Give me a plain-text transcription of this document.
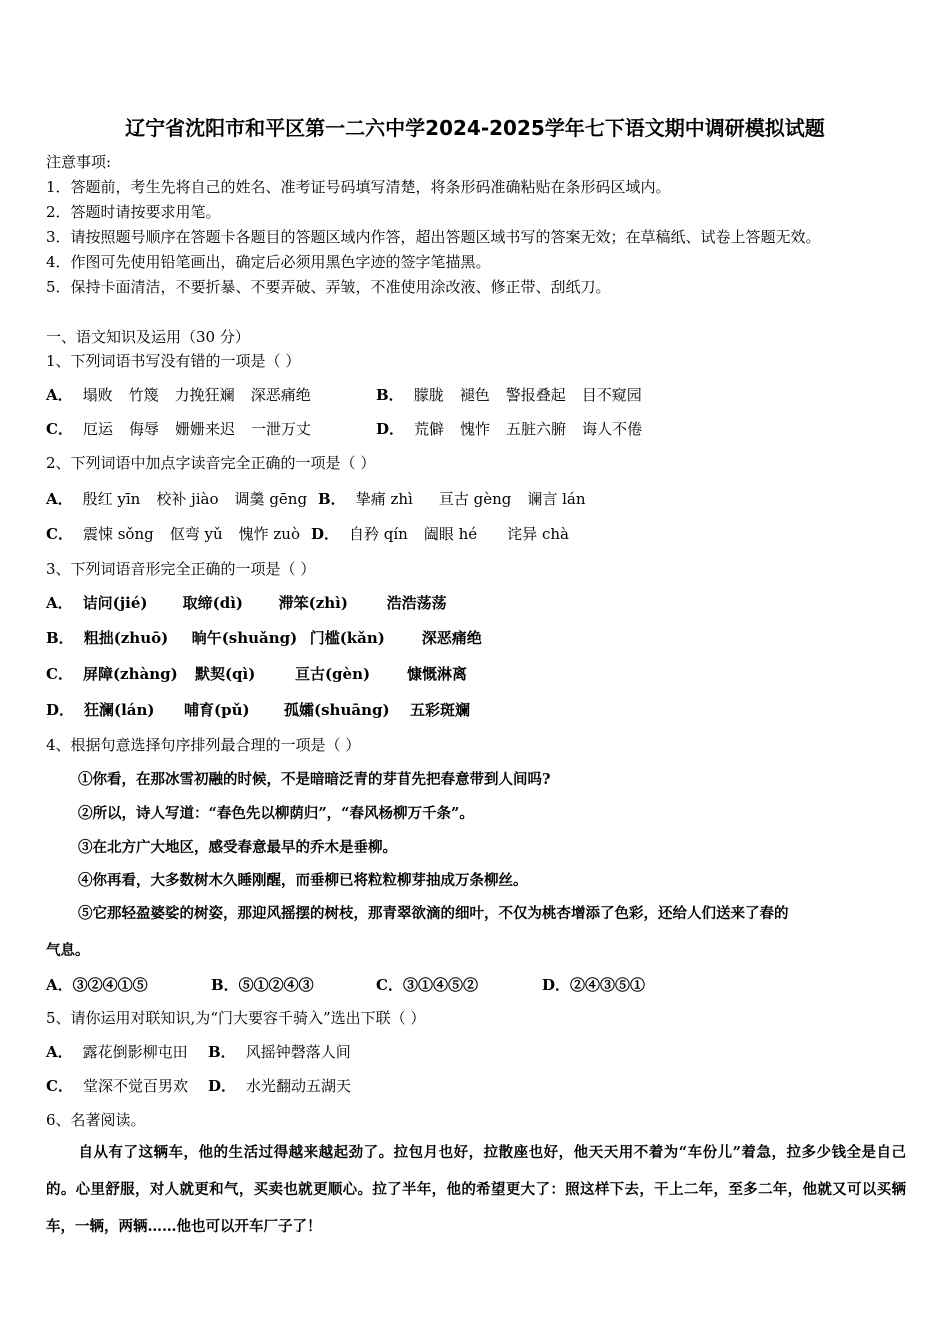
辽宁省沈阳市和平区第一二六中学2024-2025学年七下语文期中调研模拟试题
注意事项:
1．答题前，考生先将自己的姓名、准考证号码填写清楚，将条形码准确粘贴在条形码区域内。
2．答题时请按要求用笔。
3．请按照题号顺序在答题卡各题目的答题区域内作答，超出答题区域书写的答案无效；在草稿纸、试卷上答题无效。
4．作图可先使用铅笔画出，确定后必须用黑色字迹的签字笔描黑。
5．保持卡面清洁，不要折暴、不要弄破、弄皱，不准使用涂改液、修正带、刮纸刀。
一、语文知识及运用（30 分）
1、下列词语书写没有错的一项是（ ）
A． 塌败 竹篾 力挽狂斓 深恶痛绝	B． 朦胧 褪色 警报叠起 目不窥园
C． 厄运 侮辱 姗姗来迟 一泄万丈	D． 荒僻 愧怍 五脏六腑 诲人不倦
2、下列词语中加点字读音完全正确的一项是（ ）
A． 殷红 yīn 校补 jiào 调羹 gēng B． 挚痛 zhì 亘古 gèng 谰言 lán
C． 震悚 sǒng 伛弯 yǔ 愧怍 zuò D． 自矜 qín 阖眼 hé 诧异 chà
3、下列词语音形完全正确的一项是（ ）
A． 诘问(jié) 取缔(dì) 滞笨(zhì)	浩浩荡荡
B． 粗拙(zhuō) 晌午(shuǎng) 门槛(kǎn) 深恶痛绝
C． 屏障(zhàng) 默契(qì)	亘古(gèn) 慷慨淋离
D． 狂澜(lán) 哺育(pǔ) 孤孀(shuāng) 五彩斑斓
4、根据句意选择句序排列最合理的一项是（ ）
①你看，在那冰雪初融的时候，不是暗暗泛青的芽苜先把春意带到人间吗?
②所以，诗人写道：“春色先以柳荫归”，“春风杨柳万千条”。
③在北方广大地区，感受春意最早的乔木是垂柳。
④你再看，大多数树木久睡刚醒，而垂柳已将粒粒柳芽抽成万条柳丝。
⑤它那轻盈婆娑的树姿，那迎风摇摆的树枝，那青翠欲滴的细叶，不仅为桃杏增添了色彩，还给人们送来了春的
气息。
A．③②④①⑤	B．⑤①②④③	C．③①④⑤②	D．②④③⑤①
5、请你运用对联知识,为“门大要容千骑入”选出下联（ ）
A． 露花倒影柳屯田 B． 风摇钟磬落人间
C． 堂深不觉百男欢 D． 水光翻动五湖天
6、名著阅读。
自从有了这辆车，他的生活过得越来越起劲了。拉包月也好，拉散座也好，他天天用不着为“车份儿”着急，拉多少钱全是自己的。心里舒服，对人就更和气，买卖也就更顺心。拉了半年，他的希望更大了：照这样下去，干上二年，至多二年，他就又可以买辆车，一辆，两辆……他也可以开车厂子了！
